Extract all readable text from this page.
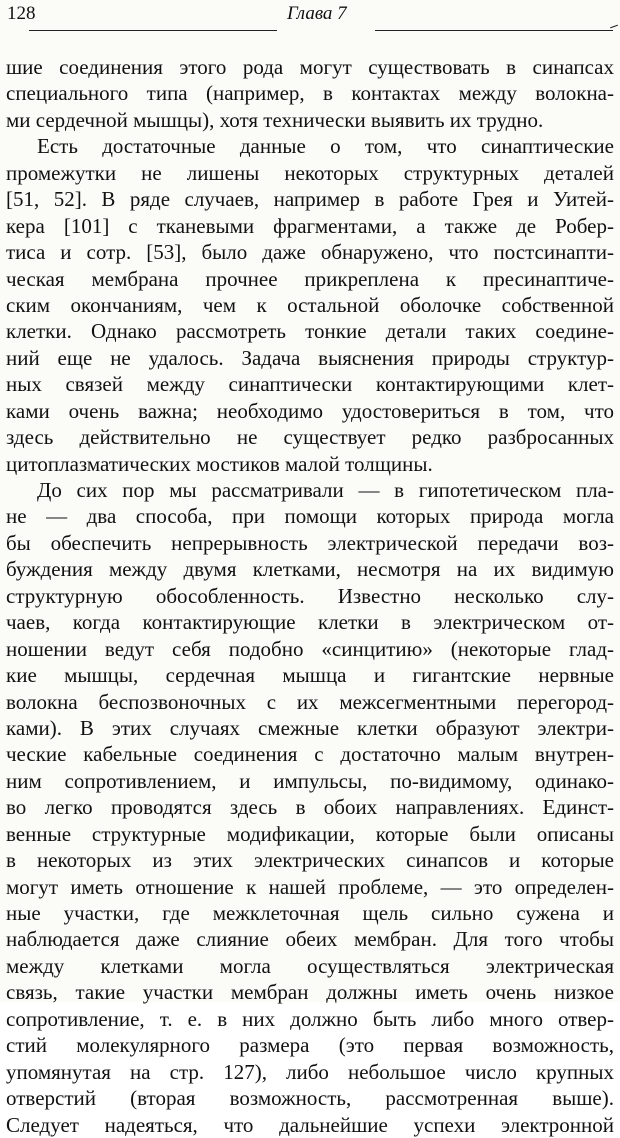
128	Глава 7
шие соединения этого рода могут существовать в синапсах
специального типа (например, в контактах между волокна-
ми сердечной мышцы), хотя технически выявить их трудно.
Есть достаточные данные о том, что синаптические
промежутки не лишены некоторых структурных деталей
[51, 52]. В ряде случаев, например в работе Грея и Уитей-
кера [101] с тканевыми фрагментами, а также де Робер-
тиса и сотр. [53], было даже обнаружено, что постсинапти-
ческая мембрана прочнее прикреплена к пресинаптиче-
ским окончаниям, чем к остальной оболочке собственной
клетки. Однако рассмотреть тонкие детали таких соедине-
ний еще не удалось. Задача выяснения природы структур-
ных связей между синаптически контактирующими клет-
ками очень важна; необходимо удостовериться в том, что
здесь действительно не существует редко разбросанных
цитоплазматических мостиков малой толщины.
До сих пор мы рассматривали — в гипотетическом пла-
не — два способа, при помощи которых природа могла
бы обеспечить непрерывность электрической передачи воз-
буждения между двумя клетками, несмотря на их видимую
структурную обособленность. Известно несколько слу-
чаев, когда контактирующие клетки в электрическом от-
ношении ведут себя подобно «синцитию» (некоторые глад-
кие мышцы, сердечная мышца и гигантские нервные
волокна беспозвоночных с их межсегментными перегород-
ками). В этих случаях смежные клетки образуют электри-
ческие кабельные соединения с достаточно малым внутрен-
ним сопротивлением, и импульсы, по-видимому, одинако-
во легко проводятся здесь в обоих направлениях. Единст-
венные структурные модификации, которые были описаны
в некоторых из этих электрических синапсов и которые
могут иметь отношение к нашей проблеме, — это определен-
ные участки, где межклеточная щель сильно сужена и
наблюдается даже слияние обеих мембран. Для того чтобы
между клетками могла осуществляться электрическая
связь, такие участки мембран должны иметь очень низкое
сопротивление, т. е. в них должно быть либо много отвер-
стий молекулярного размера (это первая возможность,
упомянутая на стр. 127), либо небольшое число крупных
отверстий (вторая возможность, рассмотренная выше).
Следует надеяться, что дальнейшие успехи электронной
